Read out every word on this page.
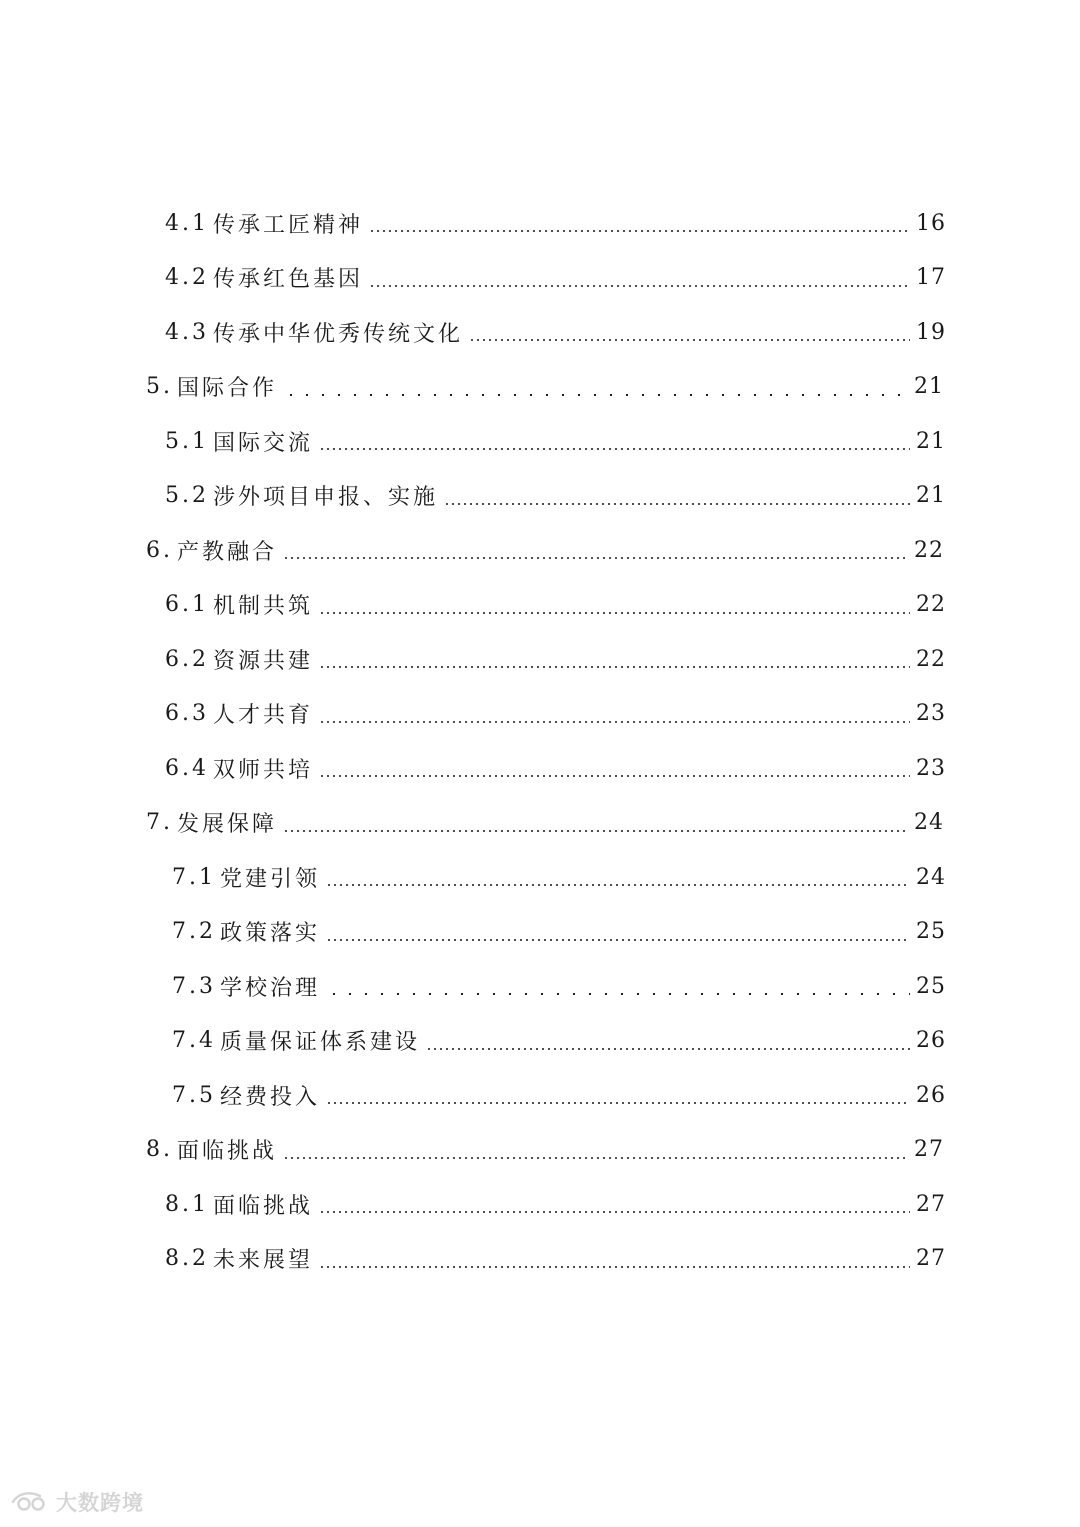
4.1 传承工匠精神	16
4.2 传承红色基因	17
4.3 传承中华优秀传统文化	19
5. 国际合作	21
5.1 国际交流	21
5.2 涉外项目申报、实施	21
6. 产教融合	22
6.1 机制共筑	22
6.2 资源共建	22
6.3 人才共育	23
6.4 双师共培	23
7. 发展保障	24
7.1 党建引领	24
7.2 政策落实	25
7.3 学校治理	25
7.4 质量保证体系建设	26
7.5 经费投入	26
8. 面临挑战	27
8.1 面临挑战	27
8.2 未来展望	27
大数跨境
